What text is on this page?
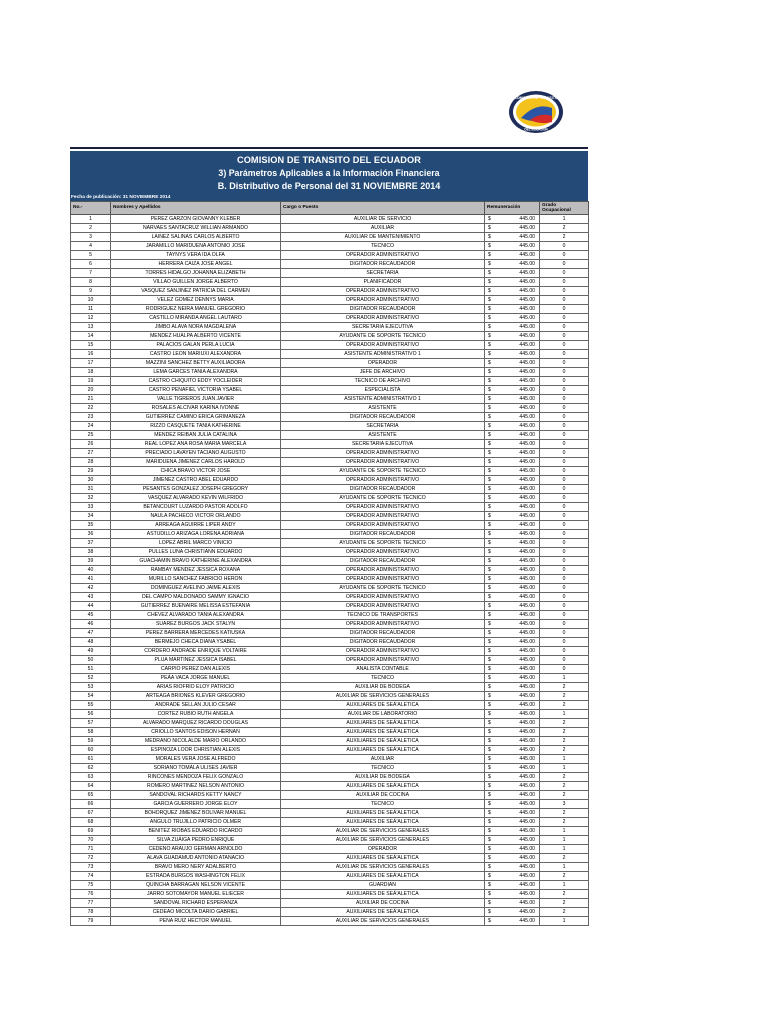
COMISION DE TRANSITO
DEL ECUADOR
COMISION DE TRANSITO DEL ECUADOR
3) Parámetros Aplicables a la Información Financiera
B. Distributivo de Personal del 31 NOVIEMBRE 2014
Fecha de publicación: 31 NOVIEMBRE 2014
No.-	Nombres y Apellidos	Cargo o Puesto	Remuneración	Grado Ocupacional
1	PEREZ GARZON GIOVANNY KLEBER	AUXILIAR DE SERVICIO	$ 445.00	1
2	NARVAES SANTACRUZ WILLIAN ARMANDO	AUXILIAR	$ 445.00	2
3	LAINEZ SALINAS CARLOS ALBERTO	AUXILIAR DE MANTENIMIENTO	$ 445.00	2
4	JARAMILLO MARIDUENA ANTONIO JOSE	TECNICO	$ 445.00	0
5	TAYNYS VERA IDA OLFA	OPERADOR ADMINISTRATIVO	$ 445.00	0
6	HERRERA CAIZA JOSE ANGEL	DIGITADOR RECAUDADOR	$ 445.00	0
7	TORRES HIDALGO JOHANNA ELIZABETH	SECRETARIA	$ 445.00	0
8	VILLAO GUILLEN JORGE ALBERTO	PLANIFICADOR	$ 445.00	0
9	VASQUEZ SANJINEZ PATRICIA DEL CARMEN	OPERADOR ADMINISTRATIVO	$ 445.00	0
10	VELEZ GOMEZ DENNYS MARIA	OPERADOR ADMINISTRATIVO	$ 445.00	0
11	RODRIGUEZ NEIRA MANUEL GREGORIO	DIGITADOR RECAUDADOR	$ 445.00	0
12	CASTILLO MIRANDA ANGEL LAUTARO	OPERADOR ADMINISTRATIVO	$ 445.00	0
13	JIMBO ALAVA NORA MAGDALENA	SECRETARIA EJECUTIVA	$ 445.00	0
14	MENDEZ HUALPA ALBERTO VICENTE	AYUDANTE DE SOPORTE TECNICO	$ 445.00	0
15	PALACIOS GALAN PERLA LUCIA	OPERADOR ADMINISTRATIVO	$ 445.00	0
16	CASTRO LEON MARIUXI ALEXANDRA	ASISTENTE ADMINISTRATIVO 1	$ 445.00	0
17	MAZZINI SANCHEZ BETTY AUXILIADORA	OPERADOR	$ 445.00	0
18	LEMA GARCES TANIA ALEXANDRA	JEFE DE ARCHIVO	$ 445.00	0
19	CASTRO CHIQUITO EDDY YOCLEIDER	TECNICO DE ARCHIVO	$ 445.00	0
20	CASTRO PENAFIEL VICTORIA YSABEL	ESPECIALISTA	$ 445.00	0
21	VALLE TIGREROS JUAN JAVIER	ASISTENTE ADMINISTRATIVO 1	$ 445.00	0
22	ROSALES ALCIVAR KARINA IVONNE	ASISTENTE	$ 445.00	0
23	GUTIERREZ CAMINO ERICA GRIMANEZA	DIGITADOR RECAUDADOR	$ 445.00	0
24	RIZZO CASQUETE TANIA KATHERINE	SECRETARIA	$ 445.00	0
25	MENDEZ REIBAN JULIA CATALINA	ASISTENTE	$ 445.00	0
26	REAL LOPEZ ANA ROSA MARIA MARCELA	SECRETARIA EJECUTIVA	$ 445.00	0
27	PRECIADO LAVAYEN TACIANO AUGUSTO	OPERADOR ADMINISTRATIVO	$ 445.00	0
28	MARIDUENA JIMENEZ CARLOS HAROLD	OPERADOR ADMINISTRATIVO	$ 445.00	0
29	CHICA BRAVO VICTOR JOSE	AYUDANTE DE SOPORTE TECNICO	$ 445.00	0
30	JIMENEZ CASTRO ABEL EDUARDO	OPERADOR ADMINISTRATIVO	$ 445.00	0
31	PESANTES GONZALEZ JOSEPH GREGORY	DIGITADOR RECAUDADOR	$ 445.00	0
32	VASQUEZ ALVARADO KEVIN WILFRIDO	AYUDANTE DE SOPORTE TECNICO	$ 445.00	0
33	BETANCOURT LUZARDO PASTOR ADOLFO	OPERADOR ADMINISTRATIVO	$ 445.00	0
34	NAULA PACHECO VICTOR ORLANDO	OPERADOR ADMINISTRATIVO	$ 445.00	0
35	ARREAGA AGUIRRE LIPER ANDY	OPERADOR ADMINISTRATIVO	$ 445.00	0
36	ASTUDILLO ARIZAGA LORENA ADRIANA	DIGITADOR RECAUDADOR	$ 445.00	0
37	LOPEZ ABRIL MARCO VINICIO	AYUDANTE DE SOPORTE TECNICO	$ 445.00	0
38	PULLES LUNA CHRISTIANN EDUARDO	OPERADOR ADMINISTRATIVO	$ 445.00	0
39	GUACHAMIN BRAVO KATHERINE ALEXANDRA	DIGITADOR RECAUDADOR	$ 445.00	0
40	RAMBAY MENDEZ JESSICA ROXANA	OPERADOR ADMINISTRATIVO	$ 445.00	0
41	MURILLO SANCHEZ FABRICIO HERON	OPERADOR ADMINISTRATIVO	$ 445.00	0
42	DOMINGUEZ AVELINO JAIME ALEXIS	AYUDANTE DE SOPORTE TECNICO	$ 445.00	0
43	DEL CAMPO MALDONADO SAMMY IGNACIO	OPERADOR ADMINISTRATIVO	$ 445.00	0
44	GUTIERREZ BUENAIRE MELISSA ESTEFANIA	OPERADOR ADMINISTRATIVO	$ 445.00	0
45	CHEVEZ ALVARADO TANIA ALEXANDRA	TECNICO DE TRANSPORTES	$ 445.00	0
46	SUAREZ BURGOS JACK STALYN	OPERADOR ADMINISTRATIVO	$ 445.00	0
47	PEREZ BARRERA MERCEDES KATIUSKA	DIGITADOR RECAUDADOR	$ 445.00	0
48	BERMEJO CHECA DIANA YSABEL	DIGITADOR RECAUDADOR	$ 445.00	0
49	CORDERO ANDRADE ENRIQUE VOLTAIRE	OPERADOR ADMINISTRATIVO	$ 445.00	0
50	PLUA MARTINEZ JESSICA ISABEL	OPERADOR ADMINISTRATIVO	$ 445.00	0
51	CARPIO PEREZ DAN ALEXIS	ANALISTA CONTABLE	$ 445.00	0
52	PEÁA VACA JORGE MANUEL	TECNICO	$ 445.00	1
53	ARIAS RIOFRIO ELOY PATRICIO	AUXILIAR DE BODEGA	$ 445.00	2
54	ARTEAGA BRIONES KLEVER GREGORIO	AUXILIAR DE SERVICIOS GENERALES	$ 445.00	2
55	ANDRADE SELLAN JULIO CESAR	AUXILIARES DE SEÁ'ALETICA	$ 445.00	2
56	CORTEZ RUBIO RUTH ANGELA	AUXILIAR DE LABORATORIO	$ 445.00	1
57	ALVARADO MARQUEZ RICARDO DOUGLAS	AUXILIARES DE SEÁ'ALETICA	$ 445.00	2
58	CRIOLLO SANTOS EDISON HERNAN	AUXILIARES DE SEÁ'ALETICA	$ 445.00	2
59	MEDRANO NICOLALDE MARIO ORLANDO	AUXILIARES DE SEÁ'ALETICA	$ 445.00	2
60	ESPINOZA LOOR CHRISTIAN ALEXIS	AUXILIARES DE SEÁ'ALETICA	$ 445.00	2
61	MORALES VERA JOSE ALFREDO	AUXILIAR	$ 445.00	1
62	SORIANO TOMALA ULISES JAVIER	TECNICO	$ 445.00	1
63	RINCONES MENDOZA FELIX GONZALO	AUXILIAR DE BODEGA	$ 445.00	2
64	ROMERO MARTINEZ NELSON ANTONIO	AUXILIARES DE SEÁ'ALETICA	$ 445.00	2
65	SANDOVAL RICHARDS KETTY NANCY	AUXILIAR DE COCINA	$ 445.00	2
66	GARCIA GUERRERO JORGE ELOY	TECNICO	$ 445.00	3
67	BOHORQUEZ JIMENEZ BOLIVAR MANUEL	AUXILIARES DE SEÁ'ALETICA	$ 445.00	2
68	ANGULO TRUJILLO PATRICIO OLMER	AUXILIARES DE SEÁ'ALETICA	$ 445.00	2
69	BENITEZ RIOBAS EDUARDO RICARDO	AUXILIAR DE SERVICIOS GENERALES	$ 445.00	1
70	SILVA ZUÁIGA PEDRO ENRIQUE	AUXILIAR DE SERVICIOS GENERALES	$ 445.00	1
71	CEDENO ARAUJO GERMAN ARNOLDO	OPERADOR	$ 445.00	1
72	ALAVA GUADAMUD ANTONIO ATANACIO	AUXILIARES DE SEÁ'ALETICA	$ 445.00	2
73	BRAVO MERO NERY ADALBERTO	AUXILIAR DE SERVICIOS GENERALES	$ 445.00	1
74	ESTRADA BURGOS WASHINGTON FELIX	AUXILIARES DE SEÁ'ALETICA	$ 445.00	2
75	QUINCHA BARRAGAN NELSON VICENTE	GUARDIAN	$ 445.00	1
76	JARRO SOTOMAYOR MANUEL ELIECER	AUXILIARES DE SEÁ'ALETICA	$ 445.00	2
77	SANDOVAL RICHARD ESPERANZA	AUXILIAR DE COCINA	$ 445.00	2
78	CEDEAO MICOLTA DARIO GABRIEL	AUXILIARES DE SEÁ'ALETICA	$ 445.00	2
79	PENA RUIZ HECTOR MANUEL	AUXILIAR DE SERVICIOS GENERALES	$ 445.00	1
